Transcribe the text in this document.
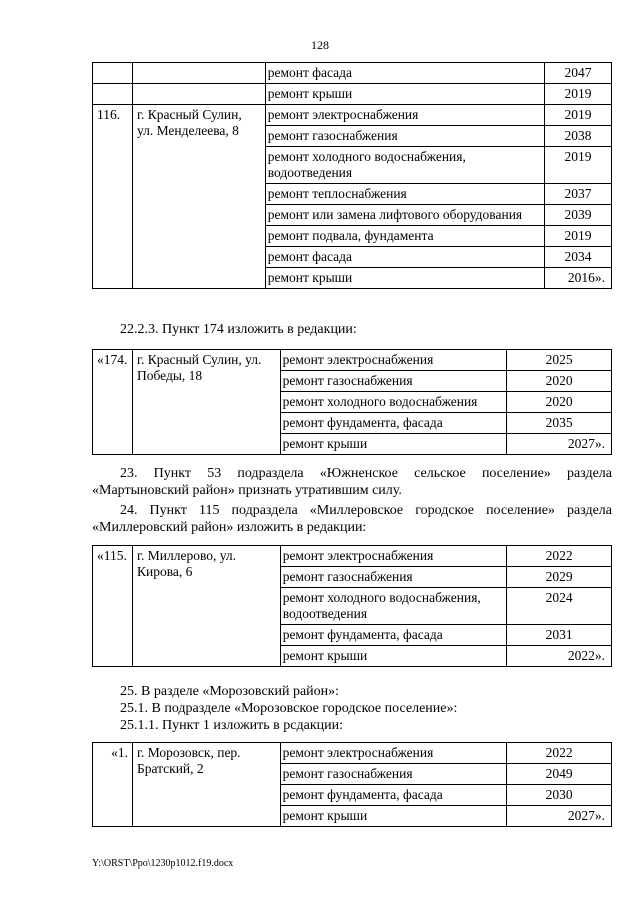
128
		ремонт фасада	2047
		ремонт крыши	2019
116.	г. Красный Сулин, ул. Менделеева, 8	ремонт электроснабжения	2019
		ремонт газоснабжения	2038
		ремонт холодного водоснабжения, водоотведения	2019
		ремонт теплоснабжения	2037
		ремонт или замена лифтового оборудования	2039
		ремонт подвала, фундамента	2019
		ремонт фасада	2034
		ремонт крыши	2016».
22.2.3. Пункт 174 изложить в редакции:
«174.	г. Красный Сулин, ул. Победы, 18	ремонт электроснабжения	2025
		ремонт газоснабжения	2020
		ремонт холодного водоснабжения	2020
		ремонт фундамента, фасада	2035
		ремонт крыши	2027».
23. Пункт 53 подраздела «Южненское сельское поселение» раздела «Мартыновский район» признать утратившим силу.
24. Пункт 115 подраздела «Миллеровское городское поселение» раздела «Миллеровский район» изложить в редакции:
«115.	г. Миллерово, ул. Кирова, 6	ремонт электроснабжения	2022
		ремонт газоснабжения	2029
		ремонт холодного водоснабжения, водоотведения	2024
		ремонт фундамента, фасада	2031
		ремонт крыши	2022».
25. В разделе «Морозовский район»:
25.1. В подразделе «Морозовское городское поселение»:
25.1.1. Пункт 1 изложить в рсдакции:
«1.	г. Морозовск, пер. Братский, 2	ремонт электроснабжения	2022
		ремонт газоснабжения	2049
		ремонт фундамента, фасада	2030
		ремонт крыши	2027».
Y:\ORST\Ppo\1230p1012.f19.docx
